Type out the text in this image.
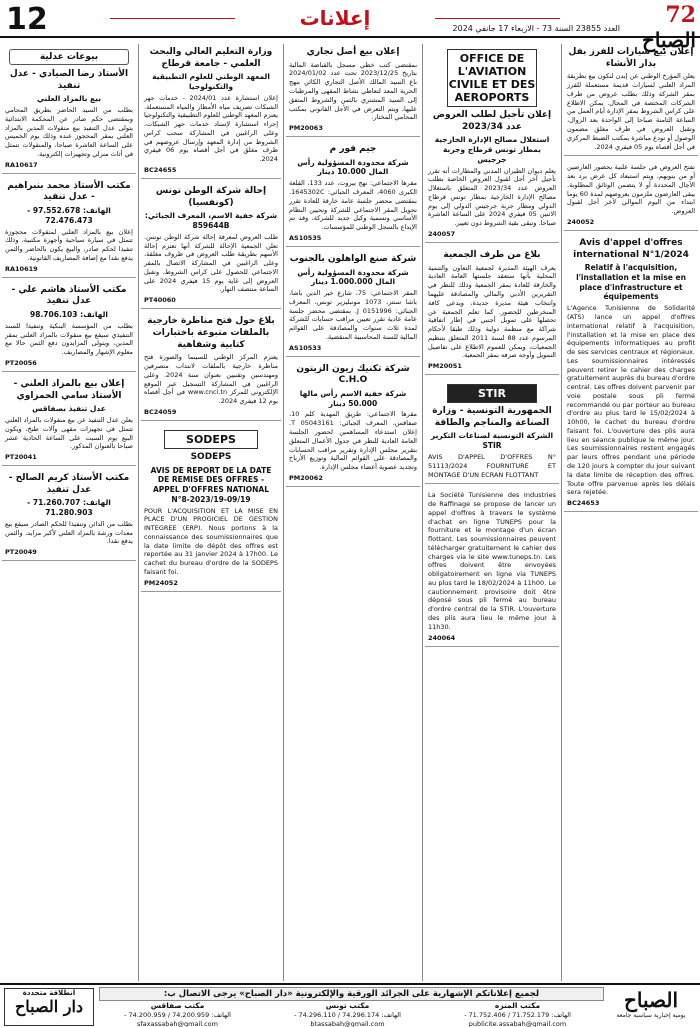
12	إعلانات	العدد 23855 السنة 73 - الاربعاء 17 جانفي 2024
72 الصباح
إعلان بيع سيارات للفرز بفل بدار الأنشاء
يعلن المؤرخ الوطني عن إيدن لنكون بيع بطريقة المزاد العلني لسيارات قديمة مستعملة للفرز بمقر الشركة وذلك بطلب عروض من طرف الشركات المختصة في المجال. يمكن الاطلاع على كراس الشروط بمقر الإدارة أيام العمل من الساعة الثامنة صباحا إلى الواحدة بعد الزوال، وتقبل العروض في ظرف مغلق مضمون الوصول أو تودع مباشرة بمكتب الضبط المركزي في أجل أقصاه يوم 05 فيفري 2024.
تفتح العروض في جلسة علنية بحضور العارضين أو من ينوبهم، ويتم استبعاد كل عرض يرد بعد الآجال المحددة أو لا يتضمن الوثائق المطلوبة. يبقى العارضون ملزمون بعروضهم لمدة 60 يوما ابتداء من اليوم الموالي لآخر أجل لقبول العروض.
240052
Avis d'appel d'offres international N°1/2024
Relatif à l'acquisition, l'installation et la mise en place d'infrastructure et équipements
L'Agence Tunisienne de Solidarité (ATS) lance un appel d'offres international relatif à l'acquisition, l'installation et la mise en place des équipements informatiques au profit de ses services centraux et régionaux. Les soumissionnaires intéressés peuvent retirer le cahier des charges gratuitement auprès du bureau d'ordre central. Les offres doivent parvenir par voie postale sous pli fermé recommandé ou par porteur au bureau d'ordre au plus tard le 15/02/2024 à 10h00, le cachet du bureau d'ordre faisant foi. L'ouverture des plis aura lieu en séance publique le même jour. Les soumissionnaires restent engagés par leurs offres pendant une période de 120 jours à compter du jour suivant la date limite de réception des offres. Toute offre parvenue après les délais sera rejetée.
BC24653
OFFICE DE L'AVIATION CIVILE ET DES AEROPORTS
إعلان تأجيل لطلب العروض عدد 2023/34
استغلال مصالح الإدارة الخارجية بمطار تونس قرطاج وجربة جرجيس
يعلم ديوان الطيران المدني والمطارات أنه تقرر تأجيل آخر أجل لقبول العروض الخاصة بطلب العروض عدد 2023/34 المتعلق باستغلال مصالح الإدارة الخارجية بمطار تونس قرطاج الدولي ومطار جربة جرجيس الدولي إلى يوم الاثنين 05 فيفري 2024 على الساعة العاشرة صباحا. وتبقى بقية الشروط دون تغيير.
240057
بلاغ من طرف الجمعية
يعرف الهيئة المديرة لجمعية التعاون والتنمية المحلية بأنها ستعقد جلستها العامة العادية والخارقة للعادة بمقر الجمعية وذلك للنظر في التقريرين الأدبي والمالي والمصادقة عليهما وانتخاب هيئة مديرة جديدة، ويدعى كافة المنخرطين للحضور. كما تعلم الجمعية عن تحصلها على تمويل أجنبي في إطار اتفاقية شراكة مع منظمة دولية وذلك طبقا لأحكام المرسوم عدد 88 لسنة 2011 المتعلق بتنظيم الجمعيات، ويمكن للعموم الاطلاع على تفاصيل التمويل وأوجه صرفه بمقر الجمعية.
PM20051
STIR
الجمهورية التونسية - وزارة الصناعة والمناجم والطاقة
الشركة التونسية لصناعات التكرير STIR
AVIS D'APPEL D'OFFRES N° 51113/2024 FOURNITURE ET MONTAGE D'UN ECRAN FLOTTANT
La Société Tunisienne des Industries de Raffinage se propose de lancer un appel d'offres à travers le système d'achat en ligne TUNEPS pour la fourniture et le montage d'un écran flottant. Les soumissionnaires peuvent télécharger gratuitement le cahier des charges via le site www.tuneps.tn. Les offres doivent être envoyées obligatoirement en ligne via TUNEPS au plus tard le 18/02/2024 à 11h00. Le cautionnement provisoire doit être déposé sous pli fermé au bureau d'ordre central de la STIR. L'ouverture des plis aura lieu le même jour à 11h30.
240064
إعلان بيع أصل تجاري
بمقتضى كتب خطي مسجل بالقباضة المالية بتاريخ 2023/12/25 تحت عدد 2024/01/02 باع السيد المالك الأصل التجاري الكائن بنهج الحرية المعد لتعاطي نشاط المقهى والمرطبات إلى السيد المشتري بالثمن والشروط المتفق عليها، ويتم التعرض في الأجل القانوني بمكتب المحامي المختار.
PM20063
جيم فور م
شركة محدودة المسؤولية رأس المال 10.000 دينار
مقرها الاجتماعي: نهج بيروت، عدد 133، القلعة الكبرى 4060، المعرف الجبائي: 1645302C. بمقتضى محضر جلسة عامة خارقة للعادة تقرر تحويل المقر الاجتماعي للشركة وتحيين النظام الأساسي وتسمية وكيل جديد للشركة، وقد تم الإيداع بالسجل الوطني للمؤسسات.
AS10535
شركة صنع الواهلون بالجنوب
شركة محدودة المسؤولية رأس المال 1.000.000 دينار
المقر الاجتماعي: 75، شارع خير الدين باشا، باشا سنتر، 1073 مونبليزير تونس، المعرف الجبائي: 0151996 J. بمقتضى محضر جلسة عامة عادية تقرر تعيين مراقب حسابات للشركة لمدة ثلاث سنوات والمصادقة على القوائم المالية للسنة المحاسبية المنقضية.
AS10533
شركة تكنيك زيون الزيتون C.H.O
شركة خفية الاسم رأس مالها 50.000 دينار
مقرها الاجتماعي: طريق المهدية كلم 10، صفاقس، المعرف الجبائي: 05043161 T. إعلان استدعاء المساهمين لحضور الجلسة العامة العادية للنظر في جدول الأعمال المتعلق بتقرير مجلس الإدارة وتقرير مراقب الحسابات والمصادقة على القوائم المالية وتوزيع الأرباح وتجديد عضوية أعضاء مجلس الإدارة.
PM20062
وزارة التعليم العالي والبحث العلمي - جامعة قرطاج
المعهد الوطني للعلوم التطبيقية والتكنولوجيا
إعلان استشارة عدد 2024/01 - خدمات جهر الشبكات تصريف مياه الأمطار والمياه المستعملة. يعتزم المعهد الوطني للعلوم التطبيقية والتكنولوجيا إجراء استشارة لإسناد خدمات جهر الشبكات، وعلى الراغبين في المشاركة سحب كراس الشروط من إدارة المعهد وإرسال عروضهم في ظرف مغلق في أجل أقصاه يوم 06 فيفري 2024.
BC24655
إحالة شركة الوطن تونس (كونفسيا)
شركة خفية الاسم، المعرف الجبائي: 859644B
طلب العروض لمعرفة إحالة شركة الوطن تونس. تعلن الجمعية الإحالة للشركة أنها تعتزم إحالة الأسهم بطريقة طلب العروض في ظروف مغلقة، وعلى الراغبين في المشاركة الاتصال بالمقر الاجتماعي للحصول على كراس الشروط، وتقبل العروض إلى غاية يوم 15 فيفري 2024 على الساعة منتصف النهار.
PT40060
بلاغ حول فتح مناظرة خارجية بالملفات متبوعة باختبارات كتابية وشفاهية
يعتزم المركز الوطني للسينما والصورة فتح مناظرة خارجية بالملفات لانتداب متصرفين ومهندسين وتقنيين بعنوان سنة 2024. وعلى الراغبين في المشاركة التسجيل عبر الموقع الإلكتروني للمركز www.cnci.tn في أجل أقصاه يوم 12 فيفري 2024.
BC24059
SODEPS
SODEPS
AVIS DE REPORT DE LA DATE DE REMISE DES OFFRES - APPEL D'OFFRES NATIONAL N°8-2023/19-09/19
POUR L'ACQUISITION ET LA MISE EN PLACE D'UN PROGICIEL DE GESTION INTEGREE (ERP). Nous portons à la connaissance des soumissionnaires que la date limite de dépôt des offres est reportée au 31 janvier 2024 à 17h00. Le cachet du bureau d'ordre de la SODEPS faisant foi.
PM24052
بيوعات عدلية
الأستاذ رضا الصيادي - عدل تنفيذ
بيع بالمزاد العلني
بطلب من السيد الحاضر بطريق المحامي وبمقتضى حكم صادر عن المحكمة الابتدائية يتولى عدل التنفيذ بيع منقولات المدين بالمزاد العلني بمقر المحجوز عنده وذلك يوم الخميس على الساعة العاشرة صباحا، والمنقولات تتمثل في أثاث منزلي وتجهيزات إلكترونية.
RA10617
مكتب الأستاذ محمد بنبراهيم - عدل تنفيذ
الهاتف: 97.552.678 - 72.476.473
إعلان بيع بالمزاد العلني لمنقولات محجوزة تتمثل في سيارة سياحية وأجهزة مكتبية، وذلك تنفيذا لحكم صادر، والبيع يكون بالحاضر والثمن يدفع نقدا مع إضافة المصاريف القانونية.
RA10619
مكتب الأستاذ هاشم علي - عدل تنفيذ
الهاتف: 98.706.103
بطلب من المؤسسة البنكية وتنفيذا للسند التنفيذي سيقع بيع منقولات بالمزاد العلني بمقر المدين، ويتولى المزايدون دفع الثمن حالا مع معلوم الإشهار والمصاريف.
PT20056
إعلان بيع بالمزاد العلني - الأستاذ سامي الحمزاوي
عدل تنفيذ بصفاقس
يعلن عدل التنفيذ عن بيع منقولات بالمزاد العلني تتمثل في تجهيزات مقهى وآلات طبخ، ويكون البيع يوم السبت على الساعة الحادية عشر صباحا بالعنوان المذكور.
PT20041
مكتب الأستاذ كريم الصالح - عدل تنفيذ
الهاتف: 71.260.707 - 71.280.903
بطلب من الدائن وتنفيذا للحكم الصادر سيقع بيع معدات ورشة بالمزاد العلني لأكبر مزايد، والثمن يدفع نقدا.
PT20049
الصباح
يومية إخبارية سياسية جامعة
لجميع إعلاناتكم الإشهارية على الجرائد الورقية والإلكترونية «دار الصباح» يرجى الاتصال ب:
مكتب المنزه
الهاتف: 71.752.179 / 71.752.406 - publicite.assabah@gmail.com
مكتب تونس
الهاتف: 74.296.174 / 74.296.110 - btassabah@gmail.com
مكتب صفاقس
الهاتف: 74.200.959 / 74.200.959 - sfaxassabah@gmail.com
انطلاقة متجددة
دار الصباح
